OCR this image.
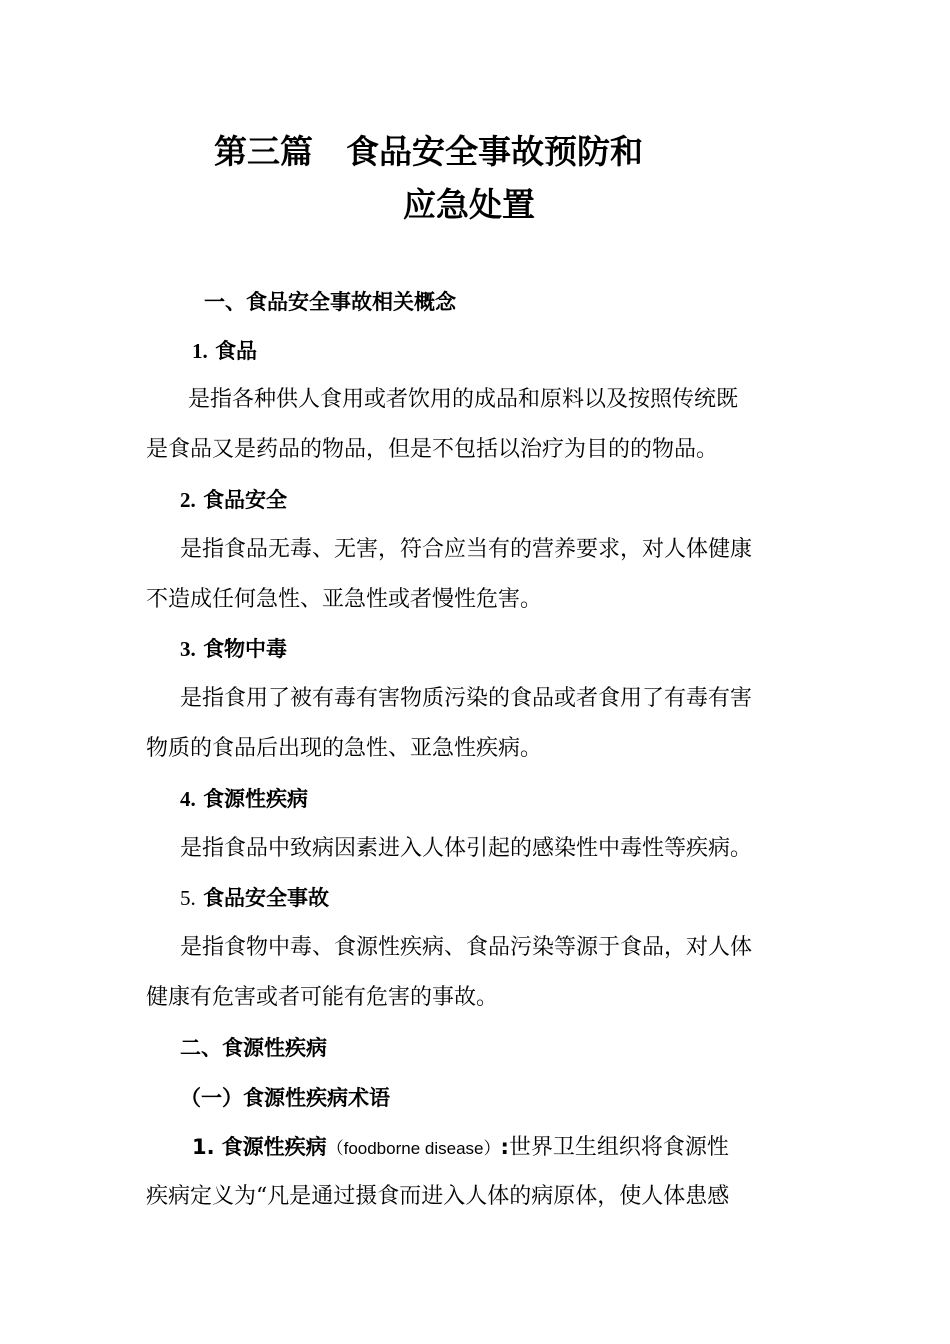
第三篇　食品安全事故预防和
应急处置
一、食品安全事故相关概念
1. 食品
是指各种供人食用或者饮用的成品和原料以及按照传统既
是食品又是药品的物品，但是不包括以治疗为目的的物品。
2. 食品安全
是指食品无毒、无害，符合应当有的营养要求，对人体健康
不造成任何急性、亚急性或者慢性危害。
3. 食物中毒
是指食用了被有毒有害物质污染的食品或者食用了有毒有害
物质的食品后出现的急性、亚急性疾病。
4. 食源性疾病
是指食品中致病因素进入人体引起的感染性中毒性等疾病。
5. 食品安全事故
是指食物中毒、食源性疾病、食品污染等源于食品，对人体
健康有危害或者可能有危害的事故。
二、食源性疾病
（一）食源性疾病术语
1. 食源性疾病（foodborne disease）:世界卫生组织将食源性
疾病定义为“凡是通过摄食而进入人体的病原体，使人体患感
